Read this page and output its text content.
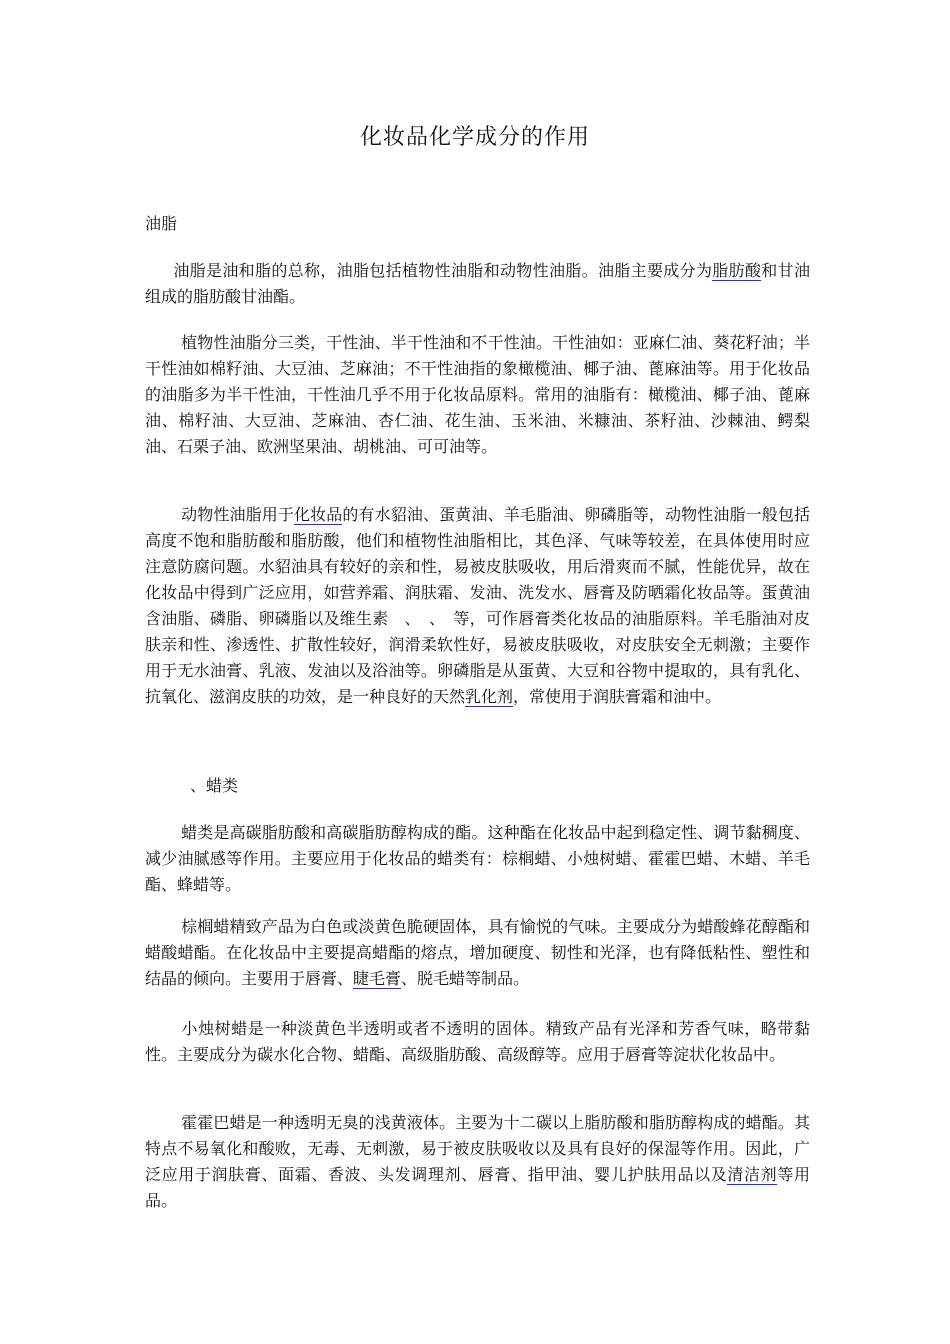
化妆品化学成分的作用
油脂
油脂是油和脂的总称，油脂包括植物性油脂和动物性油脂。油脂主要成分为脂肪酸和甘油组成的脂肪酸甘油酯。
植物性油脂分三类，干性油、半干性油和不干性油。干性油如：亚麻仁油、葵花籽油；半干性油如棉籽油、大豆油、芝麻油；不干性油指的象橄榄油、椰子油、蓖麻油等。用于化妆品的油脂多为半干性油，干性油几乎不用于化妆品原料。常用的油脂有：橄榄油、椰子油、蓖麻油、棉籽油、大豆油、芝麻油、杏仁油、花生油、玉米油、米糠油、茶籽油、沙棘油、鳄梨油、石栗子油、欧洲坚果油、胡桃油、可可油等。
动物性油脂用于化妆品的有水貂油、蛋黄油、羊毛脂油、卵磷脂等，动物性油脂一般包括高度不饱和脂肪酸和脂肪酸，他们和植物性油脂相比，其色泽、气味等较差，在具体使用时应注意防腐问题。水貂油具有较好的亲和性，易被皮肤吸收，用后滑爽而不腻，性能优异，故在化妆品中得到广泛应用，如营养霜、润肤霜、发油、洗发水、唇膏及防晒霜化妆品等。蛋黄油含油脂、磷脂、卵磷脂以及维生素　、　、　等，可作唇膏类化妆品的油脂原料。羊毛脂油对皮肤亲和性、渗透性、扩散性较好，润滑柔软性好，易被皮肤吸收，对皮肤安全无刺激；主要作用于无水油膏、乳液、发油以及浴油等。卵磷脂是从蛋黄、大豆和谷物中提取的，具有乳化、抗氧化、滋润皮肤的功效，是一种良好的天然乳化剂，常使用于润肤膏霜和油中。
、蜡类
蜡类是高碳脂肪酸和高碳脂肪醇构成的酯。这种酯在化妆品中起到稳定性、调节黏稠度、减少油腻感等作用。主要应用于化妆品的蜡类有：棕榈蜡、小烛树蜡、霍霍巴蜡、木蜡、羊毛酯、蜂蜡等。
棕榈蜡精致产品为白色或淡黄色脆硬固体，具有愉悦的气味。主要成分为蜡酸蜂花醇酯和蜡酸蜡酯。在化妆品中主要提高蜡酯的熔点，增加硬度、韧性和光泽，也有降低粘性、塑性和结晶的倾向。主要用于唇膏、睫毛膏、脱毛蜡等制品。
小烛树蜡是一种淡黄色半透明或者不透明的固体。精致产品有光泽和芳香气味，略带黏性。主要成分为碳水化合物、蜡酯、高级脂肪酸、高级醇等。应用于唇膏等淀状化妆品中。
霍霍巴蜡是一种透明无臭的浅黄液体。主要为十二碳以上脂肪酸和脂肪醇构成的蜡酯。其特点不易氧化和酸败，无毒、无刺激，易于被皮肤吸收以及具有良好的保湿等作用。因此，广泛应用于润肤膏、面霜、香波、头发调理剂、唇膏、指甲油、婴儿护肤用品以及清洁剂等用品。
